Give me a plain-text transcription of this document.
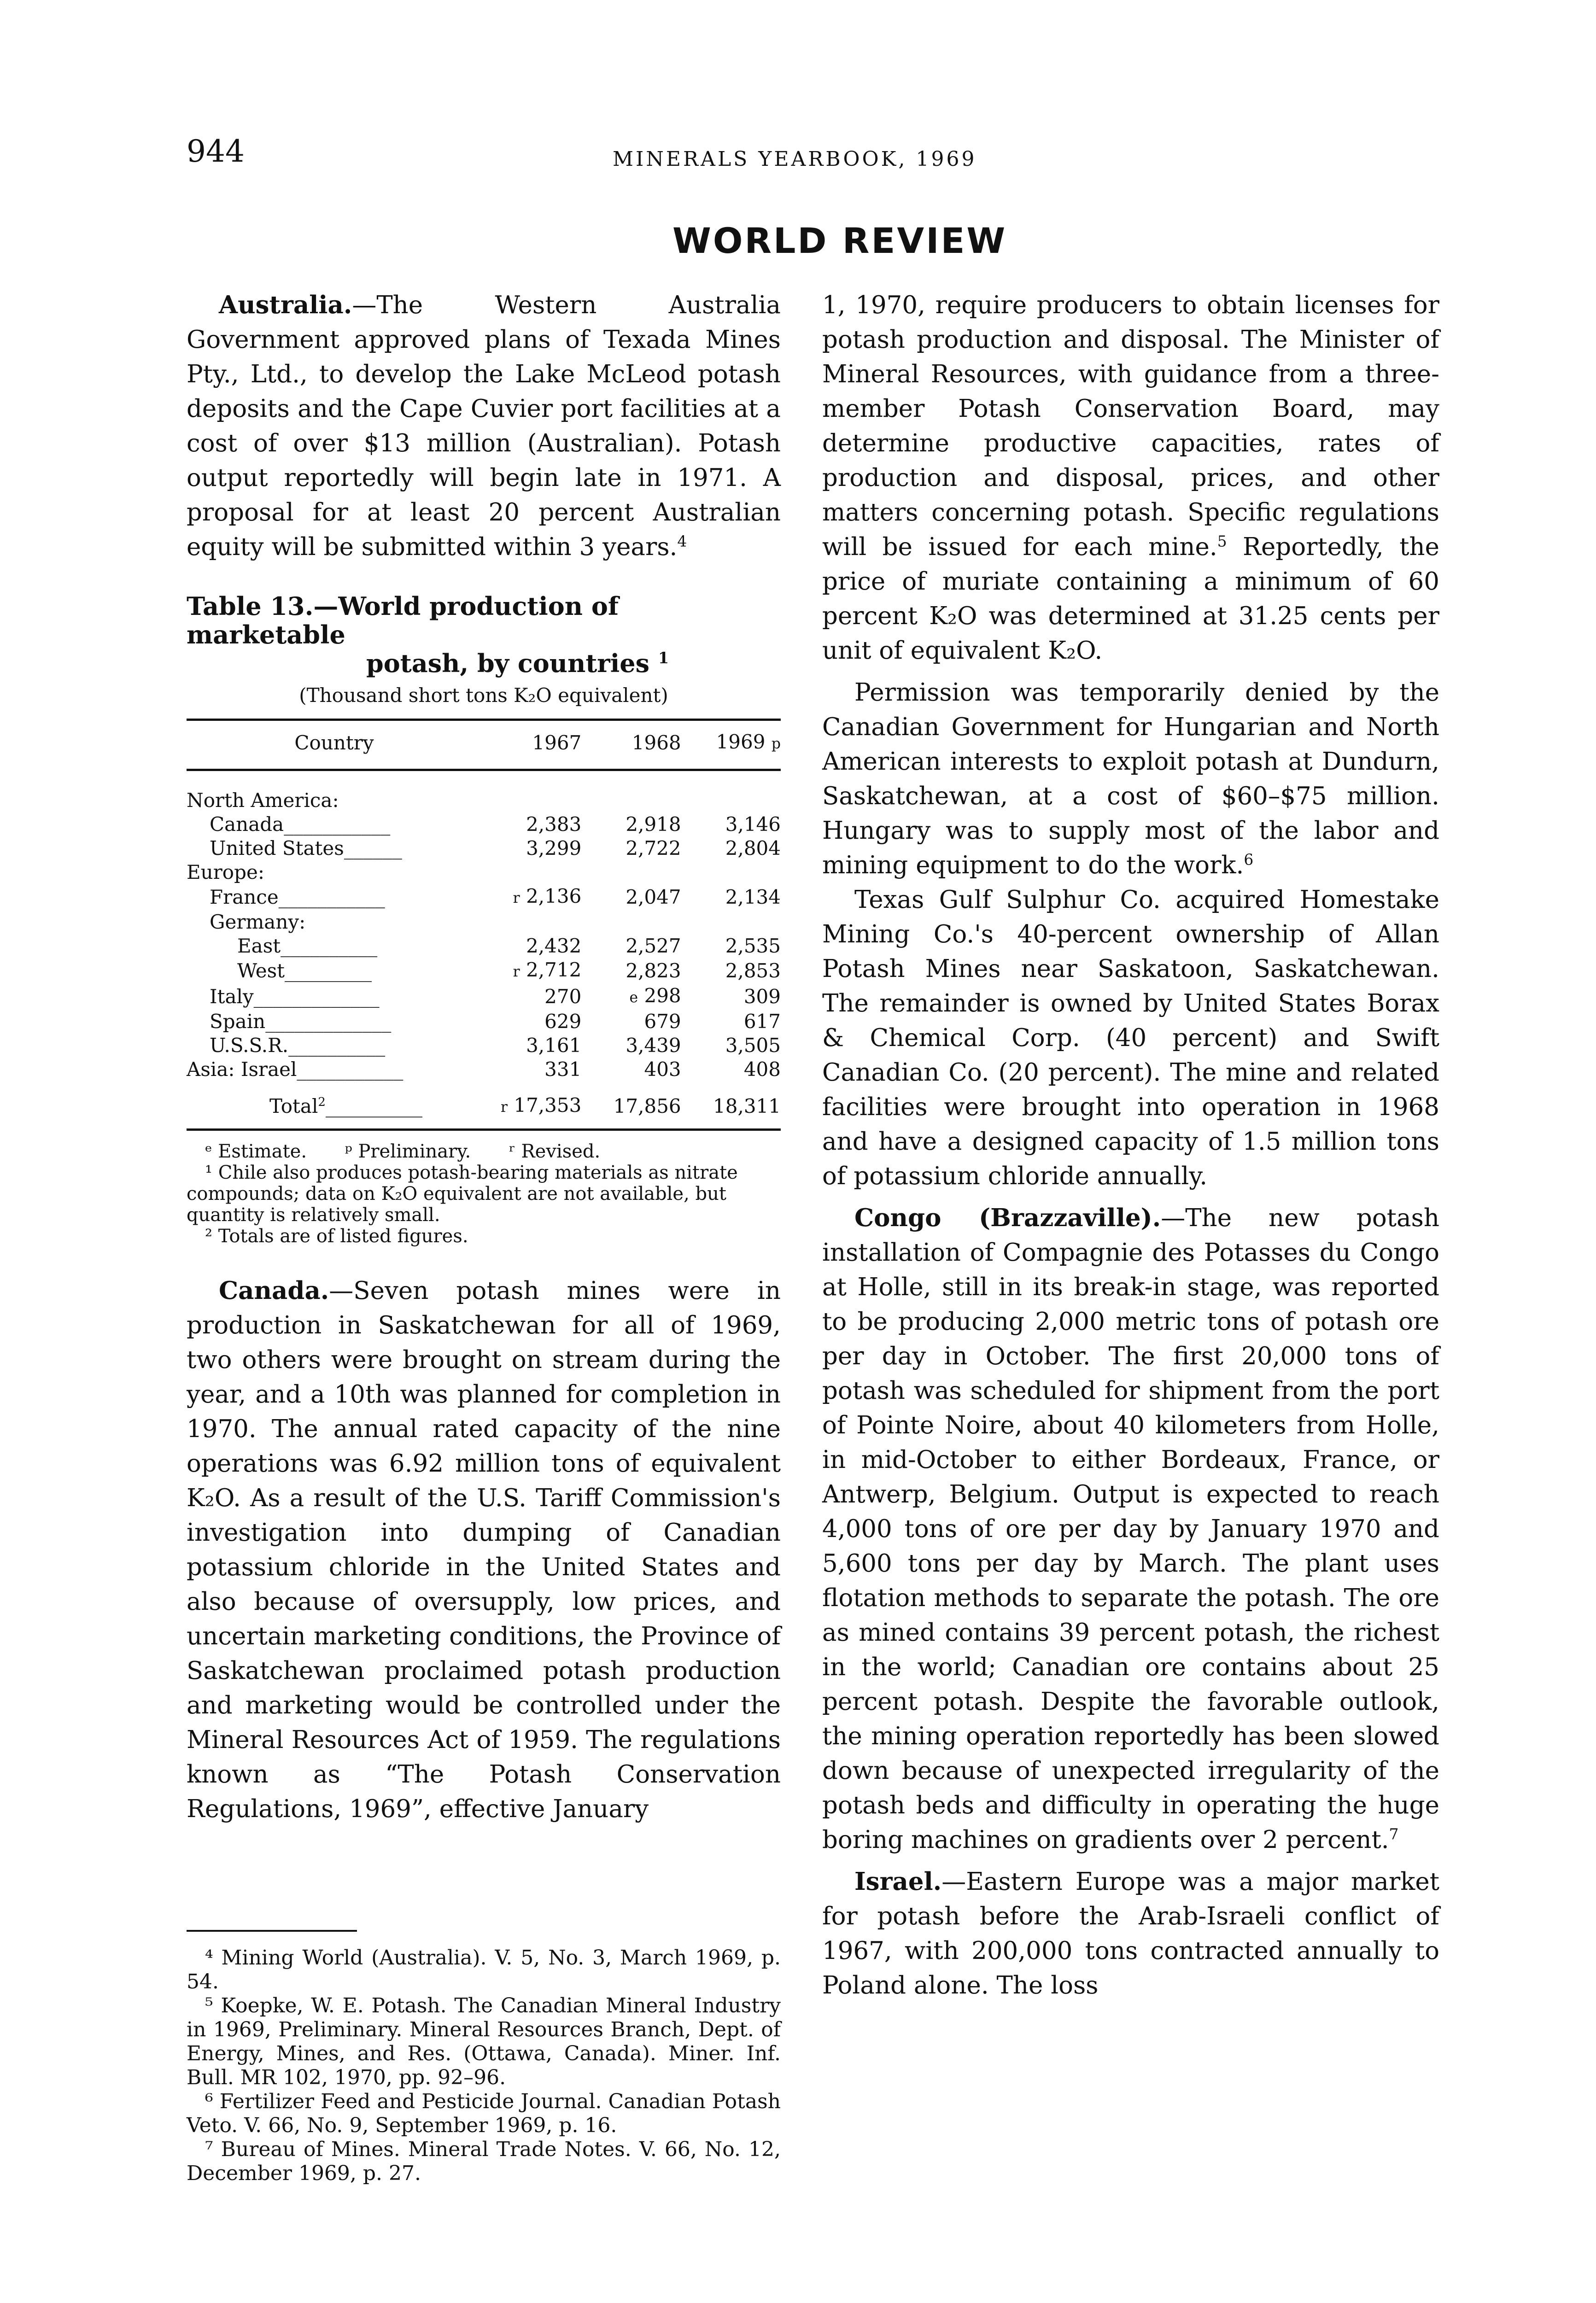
944	MINERALS YEARBOOK, 1969
WORLD REVIEW

Australia.—The Western Australia Government approved plans of Texada Mines Pty., Ltd., to develop the Lake McLeod potash deposits and the Cape Cuvier port facilities at a cost of over $13 million (Australian). Potash output reportedly will begin late in 1971. A proposal for at least 20 percent Australian equity will be submitted within 3 years.$^4$

Table 13.—World production of marketable
potash, by countries $^1$
(Thousand short tons K₂O equivalent)
Country	1967	1968	1969 p

North America:			
Canada___________	2,383	2,918	3,146
United States______	3,299	2,722	2,804
Europe:			
France___________	r 2,136	2,047	2,134
Germany:			
East__________	2,432	2,527	2,535
West_________	r 2,712	2,823	2,853
Italy_____________	270	e 298	309
Spain_____________	629	679	617
U.S.S.R.__________	3,161	3,439	3,505
Asia: Israel___________	331	403	408
Total$^2$__________	r 17,353	17,856	18,311

ᵉ Estimate. ᵖ Preliminary. ʳ Revised.

¹ Chile also produces potash-bearing materials as nitrate compounds; data on K₂O equivalent are not available, but quantity is relatively small.

² Totals are of listed figures.

Canada.—Seven potash mines were in production in Saskatchewan for all of 1969, two others were brought on stream during the year, and a 10th was planned for completion in 1970. The annual rated capacity of the nine operations was 6.92 million tons of equivalent K₂O. As a result of the U.S. Tariff Commission's investigation into dumping of Canadian potassium chloride in the United States and also because of oversupply, low prices, and uncertain marketing conditions, the Province of Saskatchewan proclaimed potash production and marketing would be controlled under the Mineral Resources Act of 1959. The regulations known as “The Potash Conservation Regulations, 1969”, effective January

1, 1970, require producers to obtain licenses for potash production and disposal. The Minister of Mineral Resources, with guidance from a three-member Potash Conservation Board, may determine productive capacities, rates of production and disposal, prices, and other matters concerning potash. Specific regulations will be issued for each mine.$^5$ Reportedly, the price of muriate containing a minimum of 60 percent K₂O was determined at 31.25 cents per unit of equivalent K₂O.

Permission was temporarily denied by the Canadian Government for Hungarian and North American interests to exploit potash at Dundurn, Saskatchewan, at a cost of $60–$75 million. Hungary was to supply most of the labor and mining equipment to do the work.$^6$

Texas Gulf Sulphur Co. acquired Homestake Mining Co.'s 40-percent ownership of Allan Potash Mines near Saskatoon, Saskatchewan. The remainder is owned by United States Borax & Chemical Corp. (40 percent) and Swift Canadian Co. (20 percent). The mine and related facilities were brought into operation in 1968 and have a designed capacity of 1.5 million tons of potassium chloride annually.

Congo (Brazzaville).—The new potash installation of Compagnie des Potasses du Congo at Holle, still in its break-in stage, was reported to be producing 2,000 metric tons of potash ore per day in October. The first 20,000 tons of potash was scheduled for shipment from the port of Pointe Noire, about 40 kilometers from Holle, in mid-October to either Bordeaux, France, or Antwerp, Belgium. Output is expected to reach 4,000 tons of ore per day by January 1970 and 5,600 tons per day by March. The plant uses flotation methods to separate the potash. The ore as mined contains 39 percent potash, the richest in the world; Canadian ore contains about 25 percent potash. Despite the favorable outlook, the mining operation reportedly has been slowed down because of unexpected irregularity of the potash beds and difficulty in operating the huge boring machines on gradients over 2 percent.$^7$

Israel.—Eastern Europe was a major market for potash before the Arab-Israeli conflict of 1967, with 200,000 tons contracted annually to Poland alone. The loss

⁴ Mining World (Australia). V. 5, No. 3, March 1969, p. 54.

⁵ Koepke, W. E. Potash. The Canadian Mineral Industry in 1969, Preliminary. Mineral Resources Branch, Dept. of Energy, Mines, and Res. (Ottawa, Canada). Miner. Inf. Bull. MR 102, 1970, pp. 92–96.

⁶ Fertilizer Feed and Pesticide Journal. Canadian Potash Veto. V. 66, No. 9, September 1969, p. 16.

⁷ Bureau of Mines. Mineral Trade Notes. V. 66, No. 12, December 1969, p. 27.
